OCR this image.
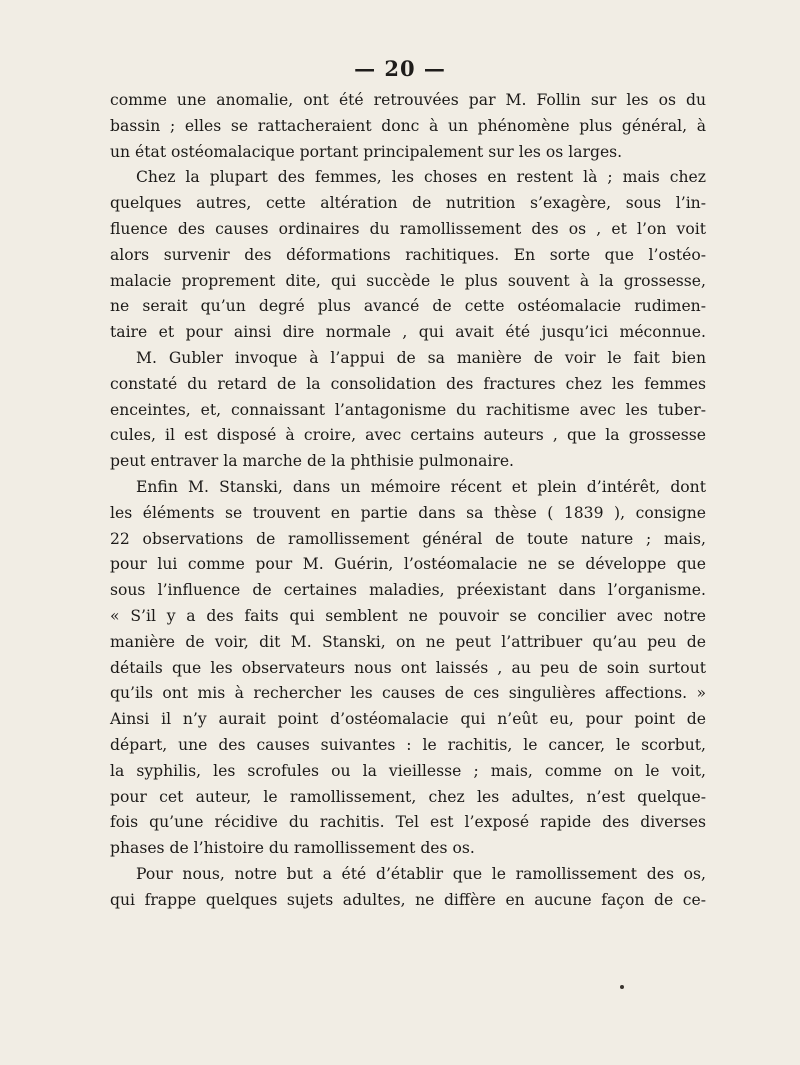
— 20 —
comme une anomalie, ont été retrouvées par M. Follin sur les os du
bassin ; elles se rattacheraient donc à un phénomène plus général, à
un état ostéomalacique portant principalement sur les os larges.
Chez la plupart des femmes, les choses en restent là ; mais chez
quelques autres, cette altération de nutrition s’exagère, sous l’in-
fluence des causes ordinaires du ramollissement des os , et l’on voit
alors survenir des déformations rachitiques. En sorte que l’ostéo-
malacie proprement dite, qui succède le plus souvent à la grossesse,
ne serait qu’un degré plus avancé de cette ostéomalacie rudimen-
taire et pour ainsi dire normale , qui avait été jusqu’ici méconnue.
M. Gubler invoque à l’appui de sa manière de voir le fait bien
constaté du retard de la consolidation des fractures chez les femmes
enceintes, et, connaissant l’antagonisme du rachitisme avec les tuber-
cules, il est disposé à croire, avec certains auteurs , que la grossesse
peut entraver la marche de la phthisie pulmonaire.
Enfin M. Stanski, dans un mémoire récent et plein d’intérêt, dont
les éléments se trouvent en partie dans sa thèse ( 1839 ), consigne
22 observations de ramollissement général de toute nature ; mais,
pour lui comme pour M. Guérin, l’ostéomalacie ne se développe que
sous l’influence de certaines maladies, préexistant dans l’organisme.
« S’il y a des faits qui semblent ne pouvoir se concilier avec notre
manière de voir, dit M. Stanski, on ne peut l’attribuer qu’au peu de
détails que les observateurs nous ont laissés , au peu de soin surtout
qu’ils ont mis à rechercher les causes de ces singulières affections. »
Ainsi il n’y aurait point d’ostéomalacie qui n’eût eu, pour point de
départ, une des causes suivantes : le rachitis, le cancer, le scorbut,
la syphilis, les scrofules ou la vieillesse ; mais, comme on le voit,
pour cet auteur, le ramollissement, chez les adultes, n’est quelque-
fois qu’une récidive du rachitis. Tel est l’exposé rapide des diverses
phases de l’histoire du ramollissement des os.
Pour nous, notre but a été d’établir que le ramollissement des os,
qui frappe quelques sujets adultes, ne diffère en aucune façon de ce-
